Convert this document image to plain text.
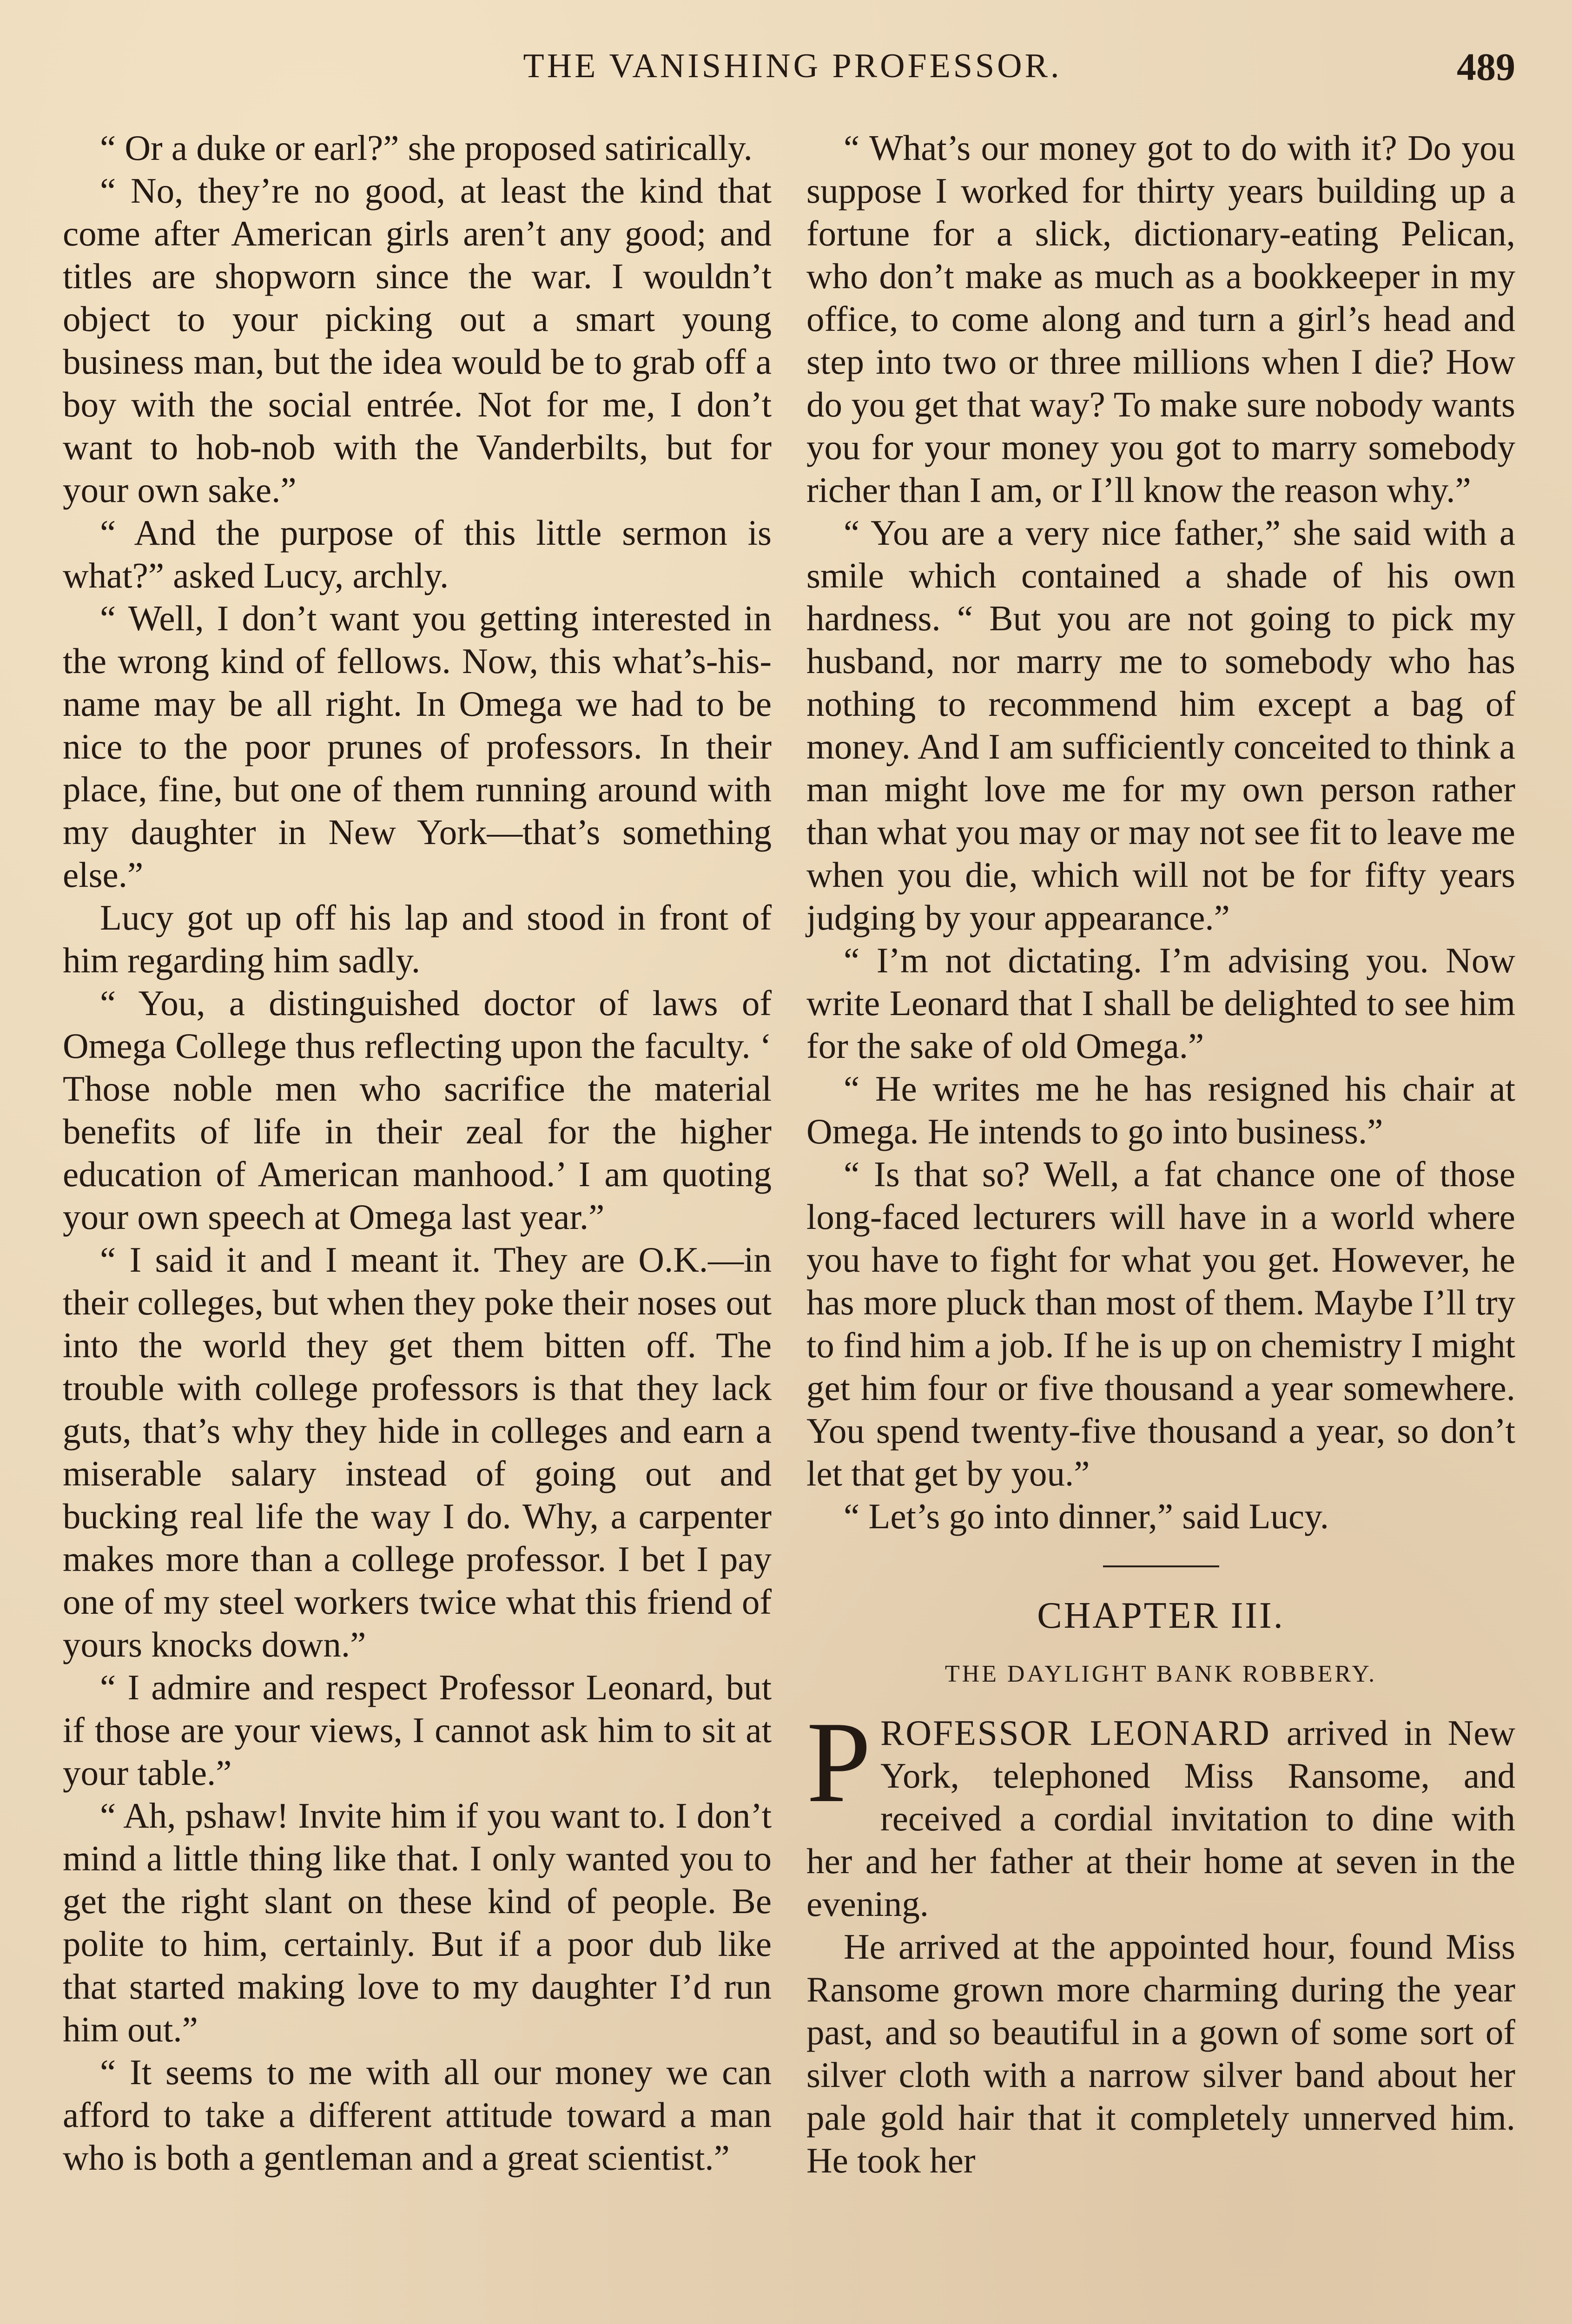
THE VANISHING PROFESSOR.	489

“ Or a duke or earl?” she proposed satirically.

“ No, they’re no good, at least the kind that come after American girls aren’t any good; and titles are shopworn since the war. I wouldn’t object to your picking out a smart young business man, but the idea would be to grab off a boy with the social entrée. Not for me, I don’t want to hob-nob with the Vanderbilts, but for your own sake.”

“ And the purpose of this little sermon is what?” asked Lucy, archly.

“ Well, I don’t want you getting interested in the wrong kind of fellows. Now, this what’s-his-name may be all right. In Omega we had to be nice to the poor prunes of professors. In their place, fine, but one of them running around with my daughter in New York—that’s something else.”

Lucy got up off his lap and stood in front of him regarding him sadly.

“ You, a distinguished doctor of laws of Omega College thus reflecting upon the faculty. ‘ Those noble men who sacrifice the material benefits of life in their zeal for the higher education of American manhood.’ I am quoting your own speech at Omega last year.”

“ I said it and I meant it. They are O.K.—in their colleges, but when they poke their noses out into the world they get them bitten off. The trouble with college professors is that they lack guts, that’s why they hide in colleges and earn a miserable salary instead of going out and bucking real life the way I do. Why, a carpenter makes more than a college professor. I bet I pay one of my steel workers twice what this friend of yours knocks down.”

“ I admire and respect Professor Leonard, but if those are your views, I cannot ask him to sit at your table.”

“ Ah, pshaw! Invite him if you want to. I don’t mind a little thing like that. I only wanted you to get the right slant on these kind of people. Be polite to him, certainly. But if a poor dub like that started making love to my daughter I’d run him out.”

“ It seems to me with all our money we can afford to take a different attitude toward a man who is both a gentleman and a great scientist.”

“ What’s our money got to do with it? Do you suppose I worked for thirty years building up a fortune for a slick, dictionary-eating Pelican, who don’t make as much as a bookkeeper in my office, to come along and turn a girl’s head and step into two or three millions when I die? How do you get that way? To make sure nobody wants you for your money you got to marry somebody richer than I am, or I’ll know the reason why.”

“ You are a very nice father,” she said with a smile which contained a shade of his own hardness. “ But you are not going to pick my husband, nor marry me to somebody who has nothing to recommend him except a bag of money. And I am sufficiently conceited to think a man might love me for my own person rather than what you may or may not see fit to leave me when you die, which will not be for fifty years judging by your appearance.”

“ I’m not dictating. I’m advising you. Now write Leonard that I shall be delighted to see him for the sake of old Omega.”

“ He writes me he has resigned his chair at Omega. He intends to go into business.”

“ Is that so? Well, a fat chance one of those long-faced lecturers will have in a world where you have to fight for what you get. However, he has more pluck than most of them. Maybe I’ll try to find him a job. If he is up on chemistry I might get him four or five thousand a year somewhere. You spend twenty-five thousand a year, so don’t let that get by you.”

“ Let’s go into dinner,” said Lucy.

CHAPTER III.
THE DAYLIGHT BANK ROBBERY.

PROFESSOR LEONARD arrived in New York, telephoned Miss Ransome, and received a cordial invitation to dine with her and her father at their home at seven in the evening.

He arrived at the appointed hour, found Miss Ransome grown more charming during the year past, and so beautiful in a gown of some sort of silver cloth with a narrow silver band about her pale gold hair that it completely unnerved him. He took her
